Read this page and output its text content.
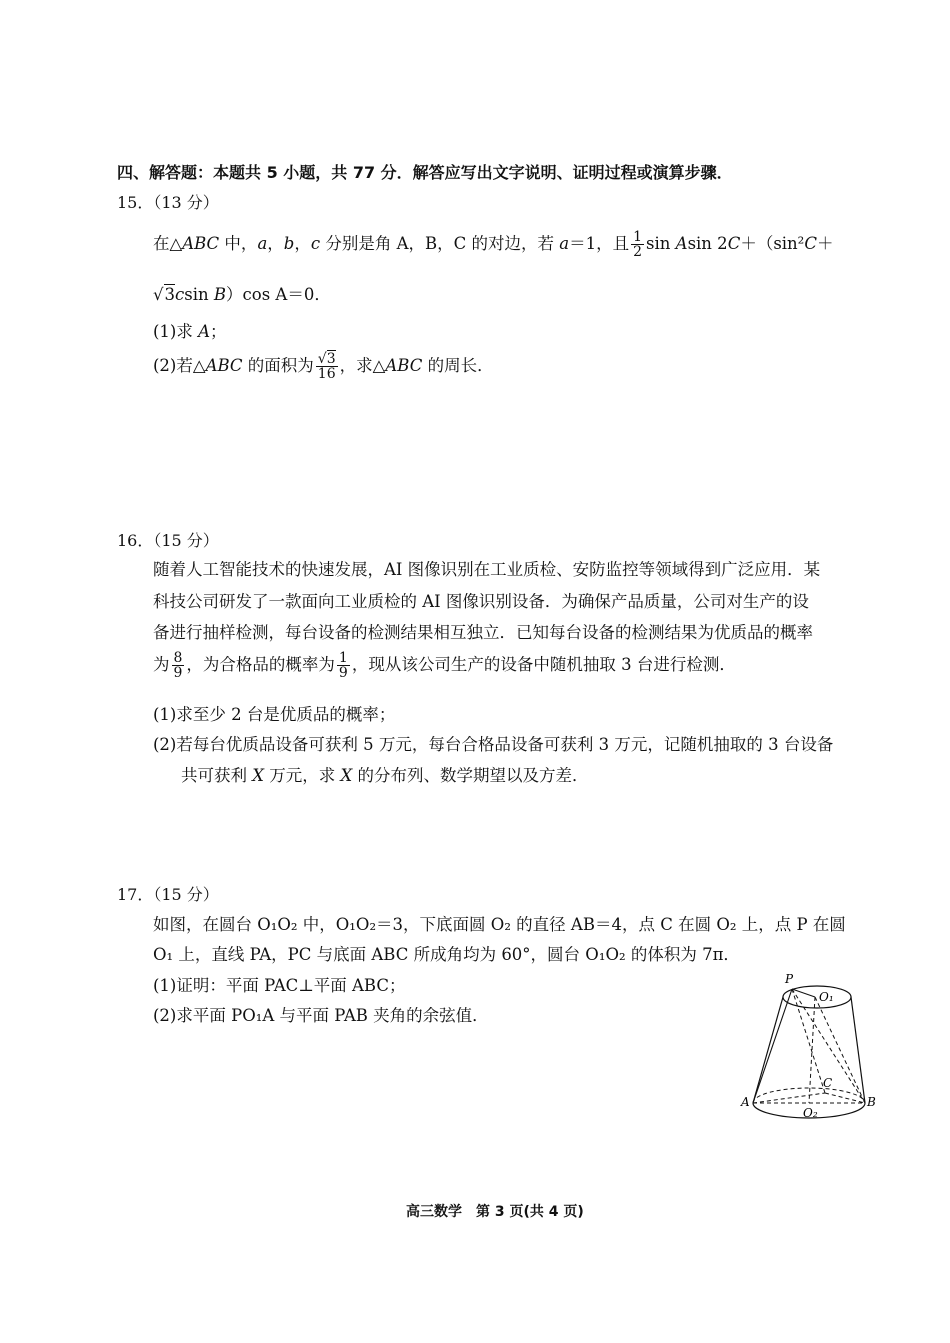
四、解答题：本题共 5 小题，共 77 分．解答应写出文字说明、证明过程或演算步骤．
15．（13 分）
在△ABC 中，a，b，c 分别是角 A，B，C 的对边，若 a＝1，且 $\frac{1}{2}$ sin Asin 2C＋（sin²C＋
√3csin B）cos A＝0．
(1)求 A；
(2)若△ABC 的面积为 $\frac{√3}{16}$ ，求△ABC 的周长．
16．（15 分）
随着人工智能技术的快速发展，AI 图像识别在工业质检、安防监控等领域得到广泛应用．某
科技公司研发了一款面向工业质检的 AI 图像识别设备．为确保产品质量，公司对生产的设
备进行抽样检测，每台设备的检测结果相互独立．已知每台设备的检测结果为优质品的概率
为 $\frac{8}{9}$ ，为合格品的概率为 $\frac{1}{9}$ ，现从该公司生产的设备中随机抽取 3 台进行检测．
(1)求至少 2 台是优质品的概率；
(2)若每台优质品设备可获利 5 万元，每台合格品设备可获利 3 万元，记随机抽取的 3 台设备
共可获利 X 万元，求 X 的分布列、数学期望以及方差．
17．（15 分）
如图，在圆台 O₁O₂ 中，O₁O₂＝3，下底面圆 O₂ 的直径 AB＝4，点 C 在圆 O₂ 上，点 P 在圆
O₁ 上，直线 PA，PC 与底面 ABC 所成角均为 60°，圆台 O₁O₂ 的体积为 7π．
(1)证明：平面 PAC⊥平面 ABC；
(2)求平面 PO₁A 与平面 PAB 夹角的余弦值．
P
O₁
C
A	B
O₂
高三数学　第 3 页(共 4 页)
